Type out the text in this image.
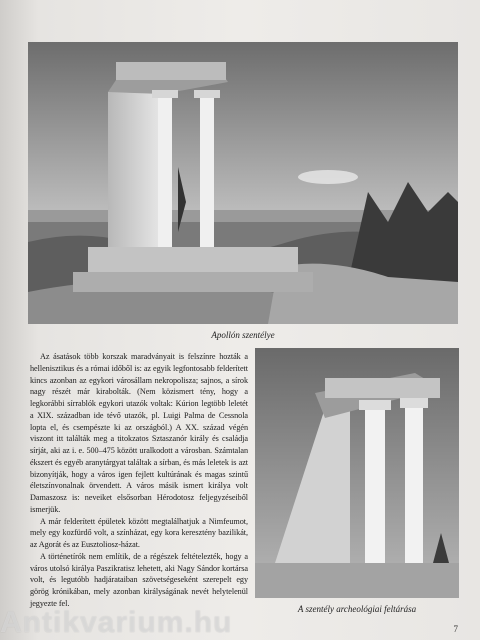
Apollón szentélye

Az ásatások több korszak maradványait is felszínre hozták a hellenisztikus és a római időből is: az egyik legfontosabb felderített kincs azonban az egykori városállam nekropolisza; sajnos, a sírok nagy részét már kirabolták. (Nem közismert tény, hogy a legkorábbi sírrablók egykori utazók voltak: Kúrion legtöbb leletét a XIX. században ide tévő utazók, pl. Luigi Palma de Cessnola lopta el, és csempészte ki az országból.) A XX. század végén viszont itt találták meg a titokzatos Sztaszanór király és családja sírját, aki az i. e. 500–475 között uralkodott a városban. Számtalan ékszert és egyéb aranytárgyat találtak a sírban, és más leletek is azt bizonyítják, hogy a város igen fejlett kultúrának és magas szintű életszínvonalnak örvendett. A város másik ismert királya volt Damaszosz is: neveiket elsősorban Hérodotosz feljegyzéseiből ismerjük.

A már felderített épületek között megtalálhatjuk a Nimfeumot, mely egy kozfürdő volt, a színházat, egy kora keresztény bazilikát, az Agorát és az Eusztoliosz-házat.

A történetírók nem említik, de a régészek feltételezték, hogy a város utolsó királya Paszikratisz lehetett, aki Nagy Sándor kortársa volt, és legutóbb hadjárataiban szövetségeseként szerepelt egy görög krónikában, mely azonban királyságának nevét helytelenül jegyezte fel.

A szentély archeológiai feltárása
Antikvarium.hu	7
